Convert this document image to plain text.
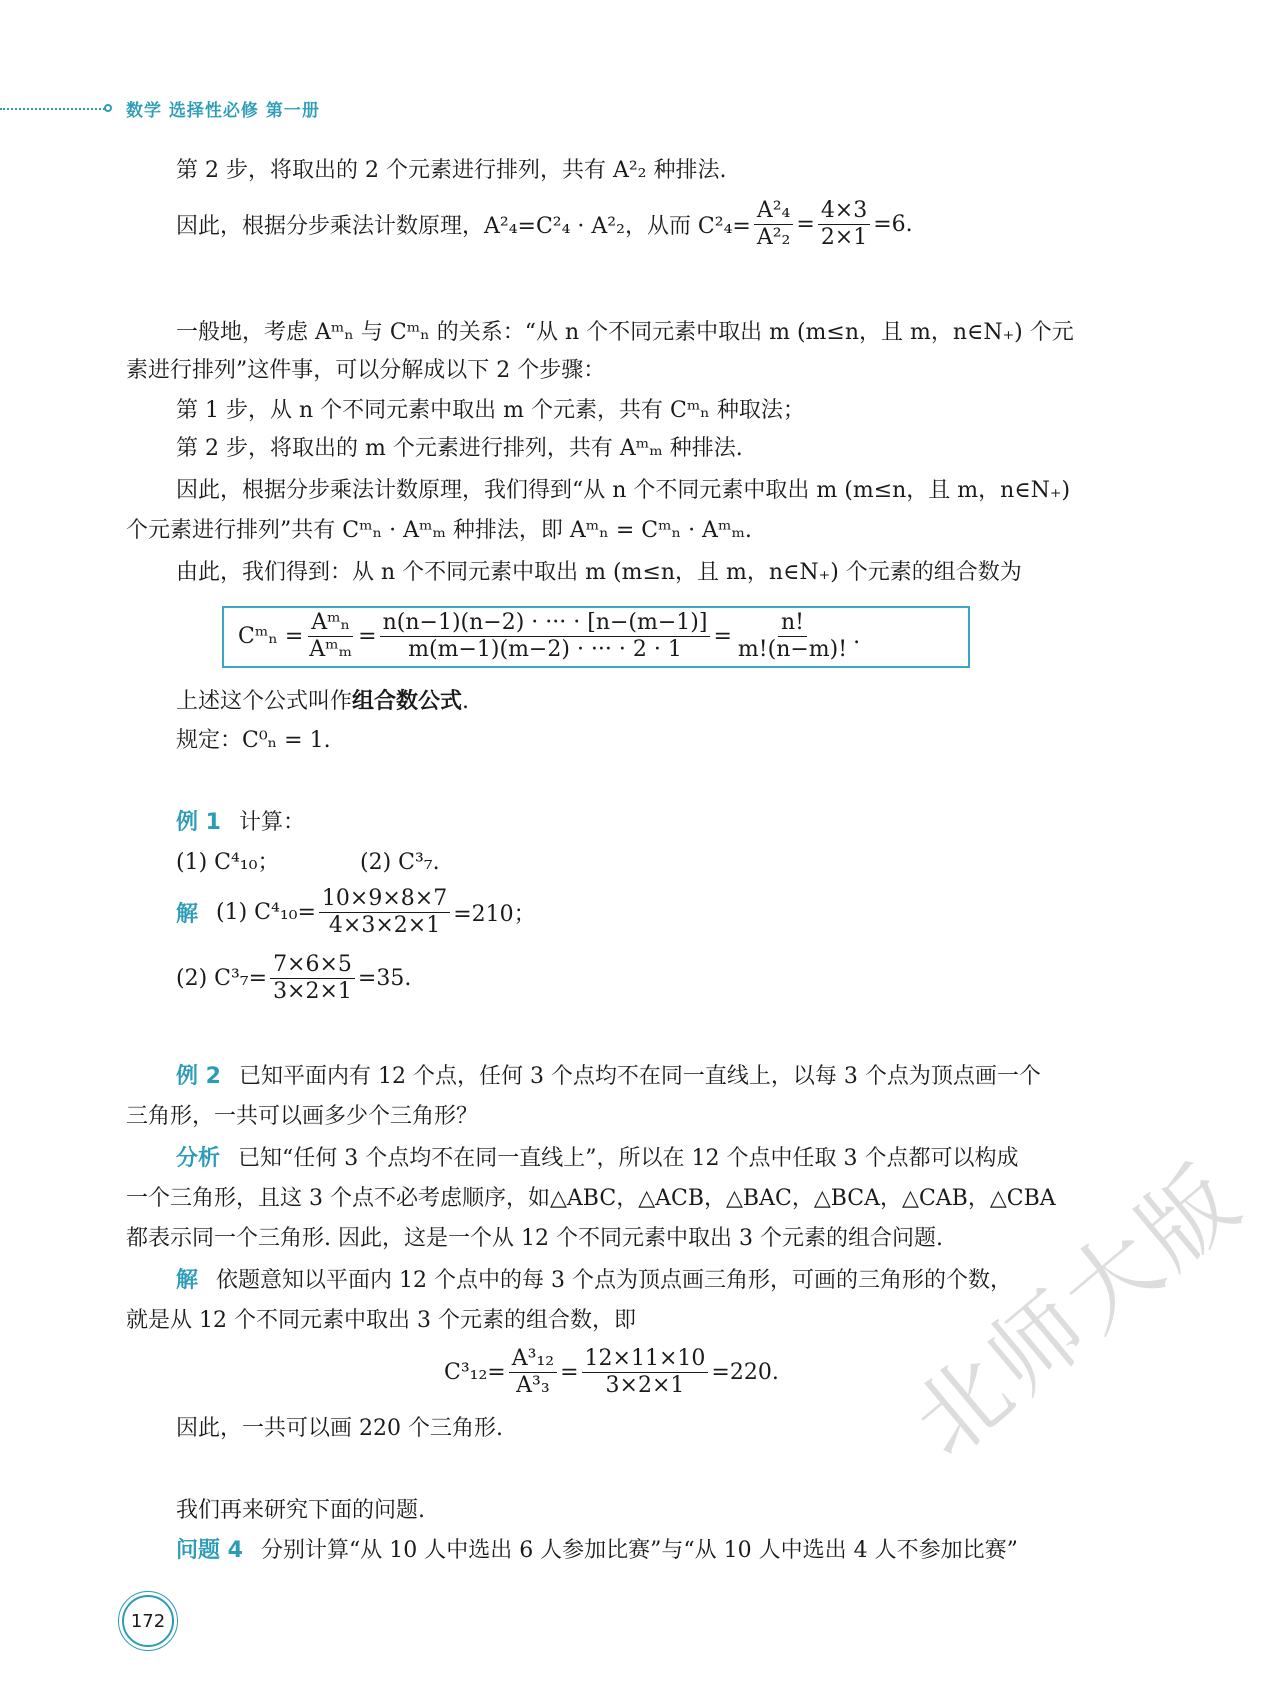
数学 选择性必修 第一册
第 2 步，将取出的 2 个元素进行排列，共有 A²₂ 种排法.
因此，根据分步乘法计数原理，A²₄=C²₄ · A²₂，从而 $C^2_4= \frac{\text{A²₄}}{\text{A²₂}} = \frac{4\times 3}{2\times 1} =6$.
一般地，考虑 Aᵐₙ 与 Cᵐₙ 的关系：“从 n 个不同元素中取出 m (m≤n，且 m，n∈N₊) 个元
素进行排列”这件事，可以分解成以下 2 个步骤：
第 1 步，从 n 个不同元素中取出 m 个元素，共有 Cᵐₙ 种取法；
第 2 步，将取出的 m 个元素进行排列，共有 Aᵐₘ 种排法.
因此，根据分步乘法计数原理，我们得到“从 n 个不同元素中取出 m (m≤n，且 m，n∈N₊)
个元素进行排列”共有 Cᵐₙ · Aᵐₘ 种排法，即 Aᵐₙ = Cᵐₙ · Aᵐₘ.
由此，我们得到：从 n 个不同元素中取出 m (m≤n，且 m，n∈N₊) 个元素的组合数为
Cᵐₙ = $\frac{\text{Aᵐₙ}}{\text{Aᵐₘ}} = \frac{n(n-1)(n-2) \cdot \cdot\cdot\cdot \cdot [n-(m-1)]}{m(m-1)(m-2) \cdot \cdot\cdot\cdot \cdot 2 \cdot 1} = \frac{n!}{m!(n-m)!}$ .
上述这个公式叫作组合数公式.
规定：C⁰ₙ = 1.
例 1 计算：
(1) C⁴₁₀；	(2) C³₇.
解 (1) $C^4_{10}= \frac{10\times 9\times 8\times 7}{4\times 3\times 2\times 1} =210$；
(2) $C^3_7= \frac{7\times 6\times 5}{3\times 2\times 1} =35$.
例 2 已知平面内有 12 个点，任何 3 个点均不在同一直线上，以每 3 个点为顶点画一个
三角形，一共可以画多少个三角形？
分析 已知“任何 3 个点均不在同一直线上”，所以在 12 个点中任取 3 个点都可以构成
一个三角形，且这 3 个点不必考虑顺序，如△ABC，△ACB，△BAC，△BCA，△CAB，△CBA
都表示同一个三角形. 因此，这是一个从 12 个不同元素中取出 3 个元素的组合问题.
解 依题意知以平面内 12 个点中的每 3 个点为顶点画三角形，可画的三角形的个数，
就是从 12 个不同元素中取出 3 个元素的组合数，即
$C^3_{12}= \frac{\text{A³₁₂}}{\text{A³₃}} = \frac{12\times 11\times 10}{3\times 2\times 1} =220$.
因此，一共可以画 220 个三角形.
我们再来研究下面的问题.
问题 4 分别计算“从 10 人中选出 6 人参加比赛”与“从 10 人中选出 4 人不参加比赛”
172
北师大版
